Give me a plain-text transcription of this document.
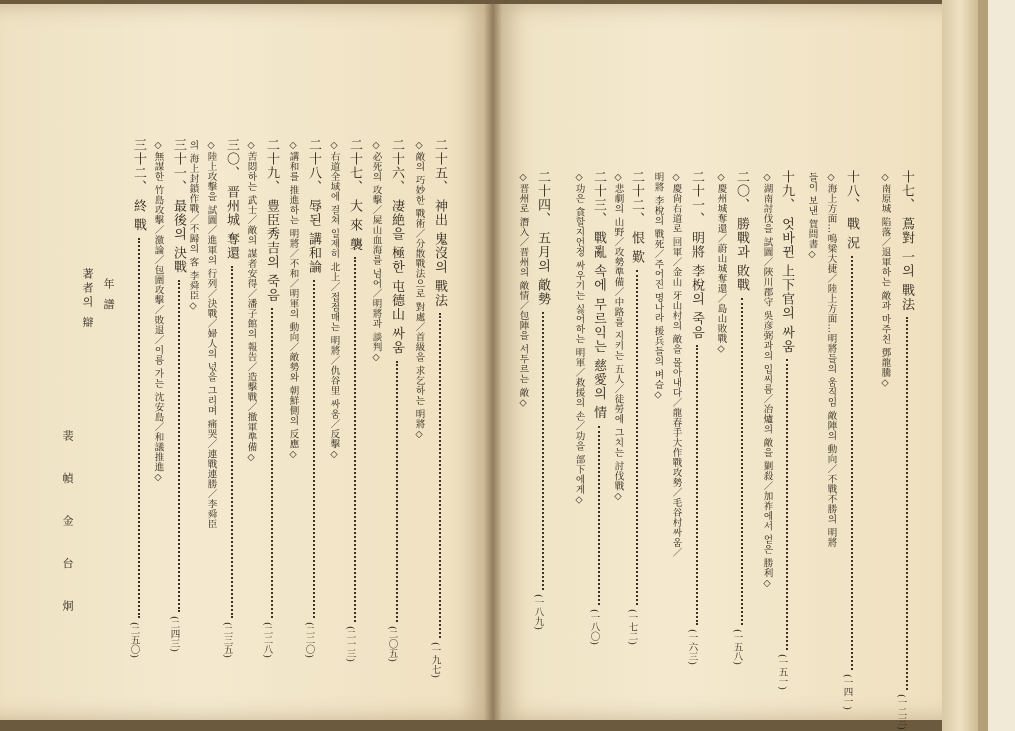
十七、 蔦對 一의 戰法
◇南原城 陷落／退軍하는 敵과 마주친 鄧龍騰◇
(一二三)
十八、 戰 況
◇海上方面…鳴梁大捷／陸上方面…明將들의 움직임 敵陣의 動向／不戰不勝의 明將
들이 보낸 賀問書◇
(一四一)
十九、 엇바뀐 上下官의 싸움
◇湖南討伐을 試圖／陜川郡守 吳彦弼과의 입씨름／冶爐의 敵을 剿殺／加祚에서 얻은 勝利◇
(一五一)
二〇、 勝戰과 敗戰
◇慶州城奪還／蔚山城奪還／島山敗戰◇
(一五八)
二十一、 明將 李梲의 죽음
◇慶尙右道로 回軍／金山 牙山村의 敵을 몰아내다／龍春手大作戰攻勢／毛谷村싸움／
明將 李梲의 戰死／주어진 명나라 援兵들의 벼슬◇
(一六三)
二十二、 恨 歎
(一七二)
二十三、 戰亂 속에 무르익는 慈愛의 情 ◇悲劇의 山野／攻勢準備／中路를 지키는 五人／徒勞에 그치는 討伐戰◇
◇功은 貪할지언정 싸우기는 싫어하는 明軍／救援의 손／功을 部下에게◇
(一八〇)
二十四、 五月의 敵勢
◇晋州로 潛入／晋州의 敵情／包陣을 서두르는 敵◇
(一八九)
二十五、 神出 鬼沒의 戰法
◇敵의 巧妙한 戰術／分散戰法으로 對處／首級을 求乞하는 明將◇
(一九七)
二十六、 凄絶을 極한 屯德山 싸움
◇必死의 攻擊／屍山血海를 넘어／明將과 談判◇
(二〇五)
二十七、 大 來 襲
◇右道全域에 걸쳐 일제히 北上／접점매는 明將／仇谷里 싸움／反擊◇
(二一三)
二十八、 辱된 講和論
◇講和를 推進하는 明將／不和／明軍의 動向／敵勢와 朝鮮側의 反應◇
(二二〇)
二十九、 豊臣秀吉의 죽음
◇苦悶하는 武士／敵의 謀者安得／潘子館의 報告／造擊戰／撤軍準備◇
(二二八)
三〇、 晋州城 奪還
◇陸上攻擊을 試圖／進軍의 行列／決戰／婦人의 넋을 그리며 痛哭／連戰連勝／李舜臣
의 海上封鎖作戰／不歸의 客 李舜臣◇
(二三五)
三十一、 最後의 決戰
◇無謀한 竹島攻擊／激論／包圍攻擊／敗退／이름 가는 沈安島／和議推進◇
(二四三)
三十二、 終 戰
(二五〇)
年 譜
著者의 辯
裴 幀 金 台 炯
